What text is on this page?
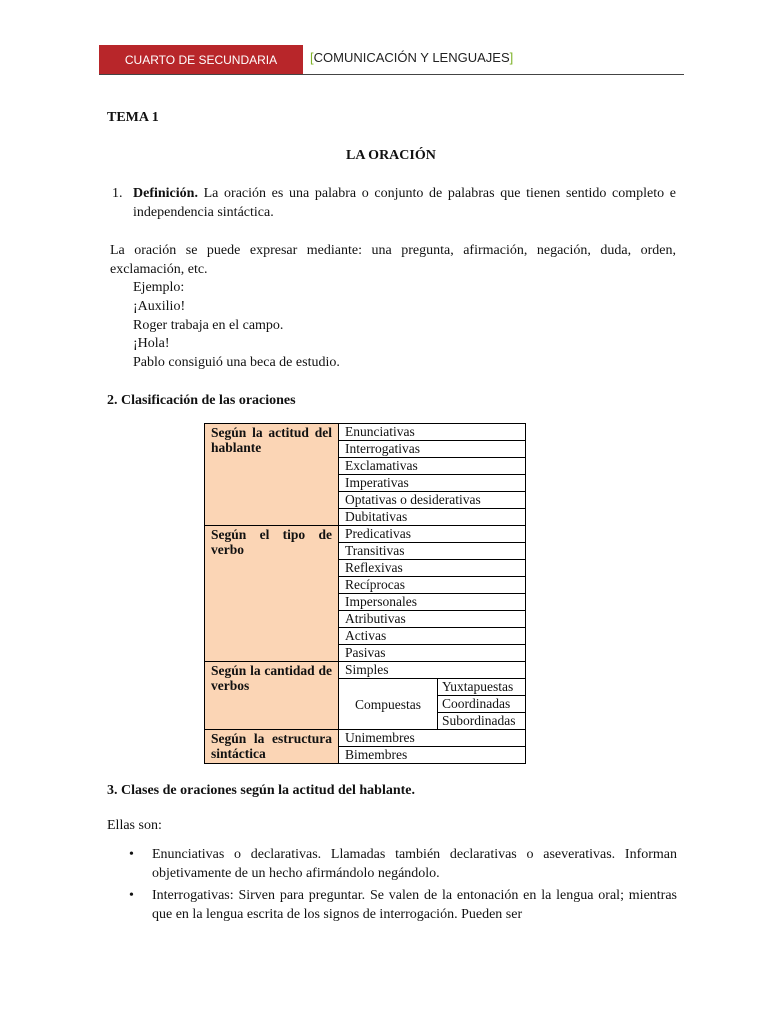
CUARTO DE SECUNDARIA	[COMUNICACIÓN Y LENGUAJES]
TEMA 1
LA ORACIÓN
1. Definición. La oración es una palabra o conjunto de palabras que tienen sentido completo e independencia sintáctica.
La oración se puede expresar mediante: una pregunta, afirmación, negación, duda, orden, exclamación, etc.
Ejemplo:
¡Auxilio!
Roger trabaja en el campo.
¡Hola!
Pablo consiguió una beca de estudio.
2. Clasificación de las oraciones
Según la actitud del hablante	Enunciativas	
	Interrogativas	
	Exclamativas	
	Imperativas	
	Optativas o desiderativas	
	Dubitativas	
Según el tipo de verbo	Predicativas	
	Transitivas	
	Reflexivas	
	Recíprocas	
	Impersonales	
	Atributivas	
	Activas	
	Pasivas	
Según la cantidad de verbos	Simples	
	Compuestas	Yuxtapuestas
		Coordinadas
		Subordinadas
Según la estructura sintáctica	Unimembres	
	Bimembres	
3. Clases de oraciones según la actitud del hablante.
Ellas son:
• Enunciativas o declarativas. Llamadas también declarativas o aseverativas. Informan objetivamente de un hecho afirmándolo negándolo.
• Interrogativas: Sirven para preguntar. Se valen de la entonación en la lengua oral; mientras que en la lengua escrita de los signos de interrogación. Pueden ser
